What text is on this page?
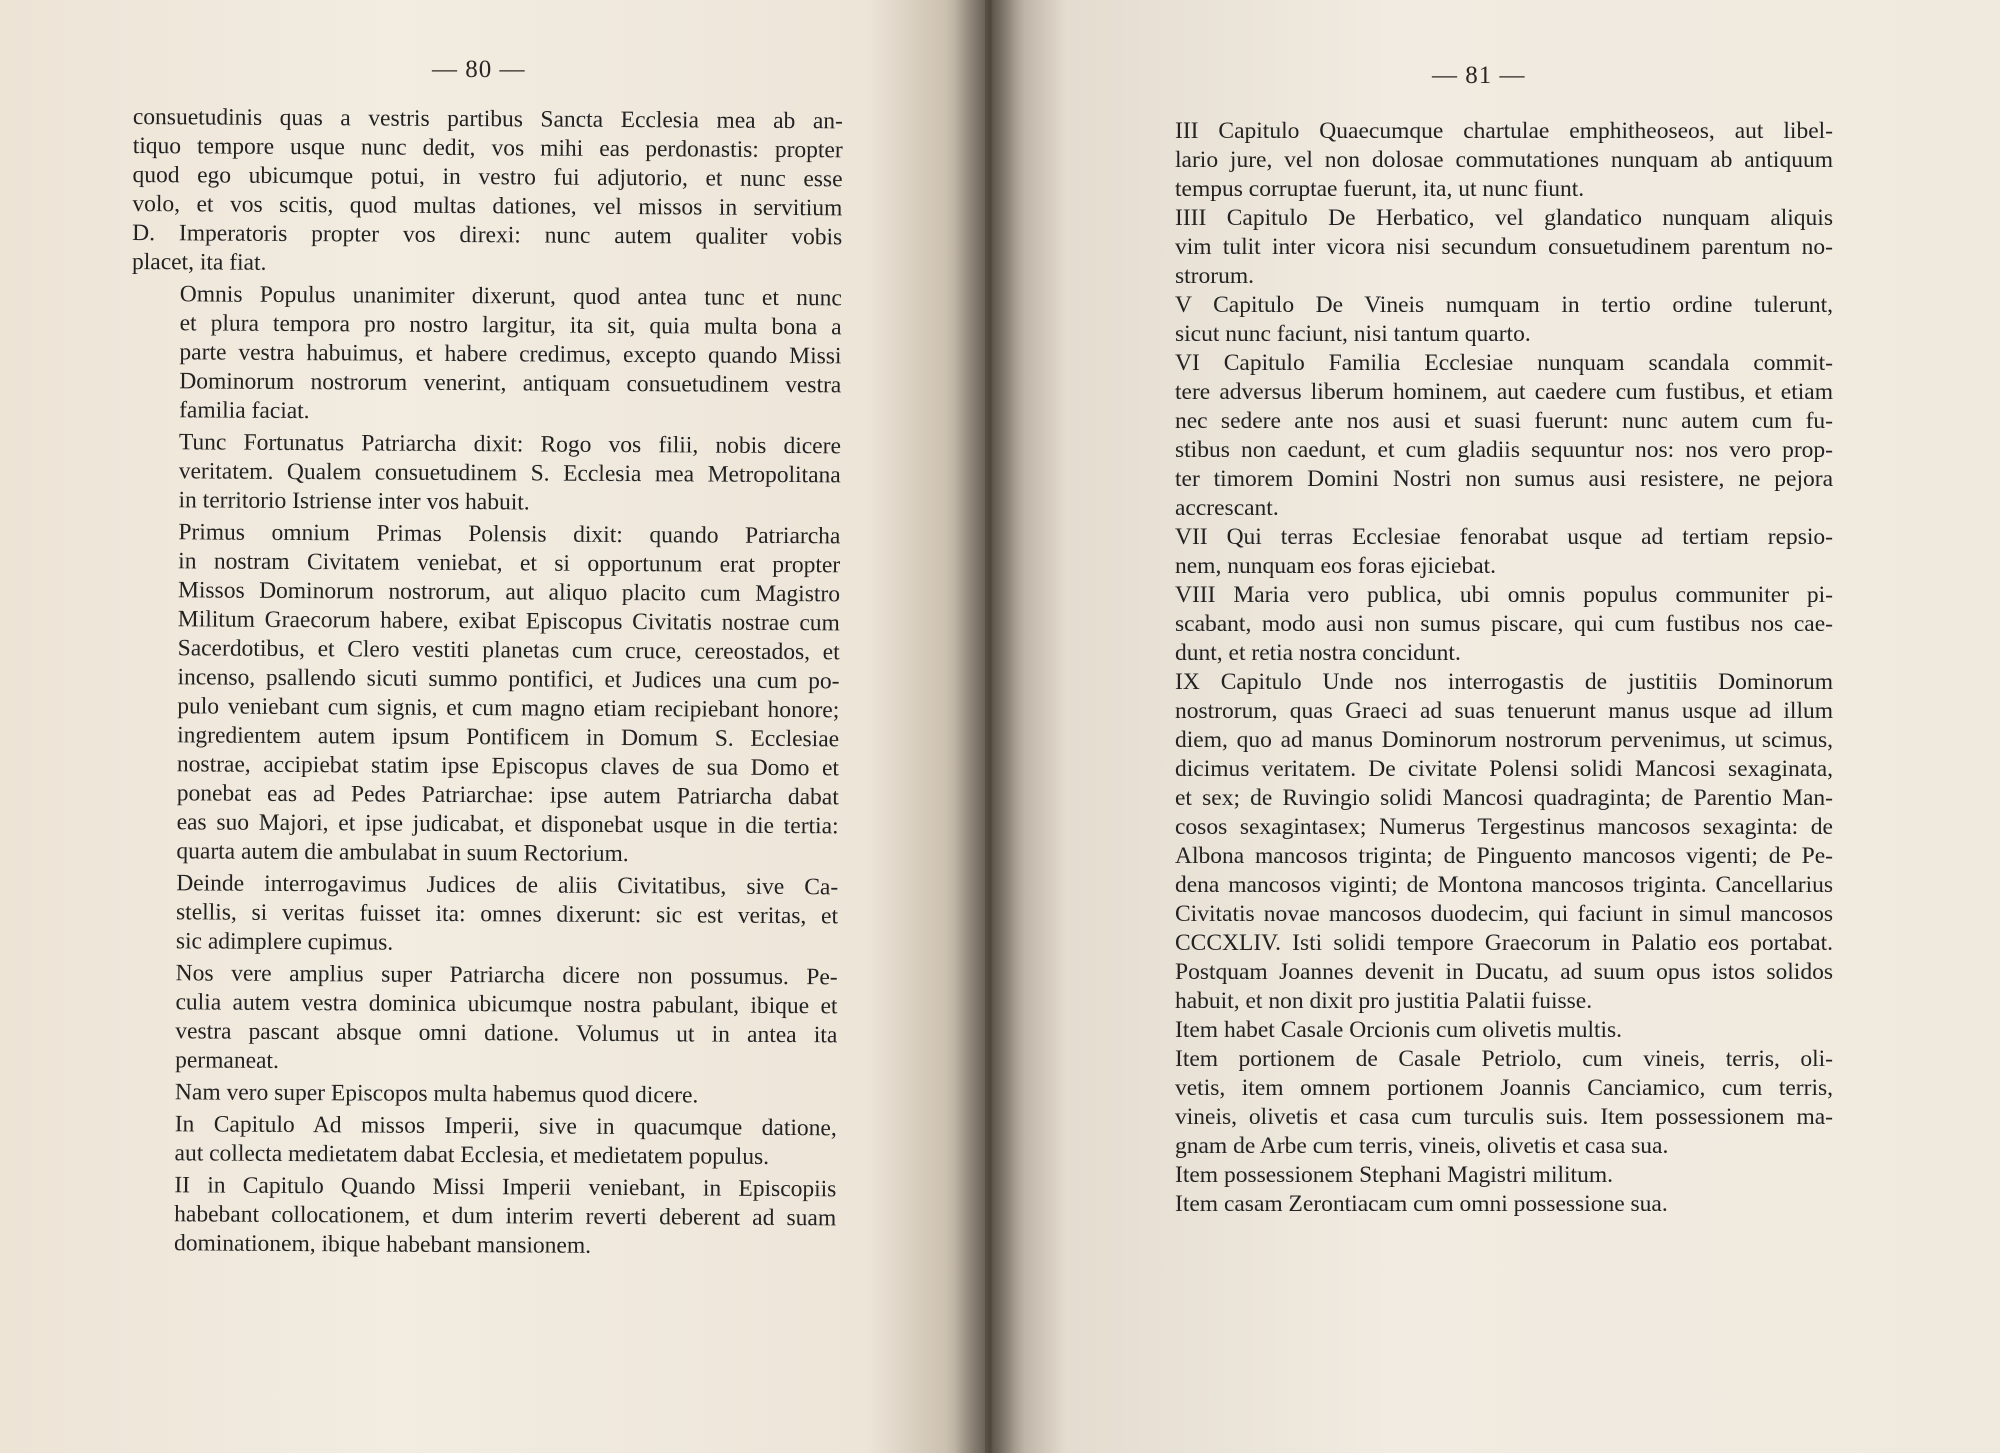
— 80 —
consuetudinis quas a vestris partibus Sancta Ecclesia mea ab an-
tiquo tempore usque nunc dedit, vos mihi eas perdonastis: propter
quod ego ubicumque potui, in vestro fui adjutorio, et nunc esse
volo, et vos scitis, quod multas dationes, vel missos in servitium
D. Imperatoris propter vos direxi: nunc autem qualiter vobis
placet, ita fiat.
Omnis Populus unanimiter dixerunt, quod antea tunc et nunc
et plura tempora pro nostro largitur, ita sit, quia multa bona a
parte vestra habuimus, et habere credimus, excepto quando Missi
Dominorum nostrorum venerint, antiquam consuetudinem vestra
familia faciat.
Tunc Fortunatus Patriarcha dixit: Rogo vos filii, nobis dicere
veritatem. Qualem consuetudinem S. Ecclesia mea Metropolitana
in territorio Istriense inter vos habuit.
Primus omnium Primas Polensis dixit: quando Patriarcha
in nostram Civitatem veniebat, et si opportunum erat propter
Missos Dominorum nostrorum, aut aliquo placito cum Magistro
Militum Graecorum habere, exibat Episcopus Civitatis nostrae cum
Sacerdotibus, et Clero vestiti planetas cum cruce, cereostados, et
incenso, psallendo sicuti summo pontifici, et Judices una cum po-
pulo veniebant cum signis, et cum magno etiam recipiebant honore;
ingredientem autem ipsum Pontificem in Domum S. Ecclesiae
nostrae, accipiebat statim ipse Episcopus claves de sua Domo et
ponebat eas ad Pedes Patriarchae: ipse autem Patriarcha dabat
eas suo Majori, et ipse judicabat, et disponebat usque in die tertia:
quarta autem die ambulabat in suum Rectorium.
Deinde interrogavimus Judices de aliis Civitatibus, sive Ca-
stellis, si veritas fuisset ita: omnes dixerunt: sic est veritas, et
sic adimplere cupimus.
Nos vere amplius super Patriarcha dicere non possumus. Pe-
culia autem vestra dominica ubicumque nostra pabulant, ibique et
vestra pascant absque omni datione. Volumus ut in antea ita
permaneat.
Nam vero super Episcopos multa habemus quod dicere.
In Capitulo Ad missos Imperii, sive in quacumque datione,
aut collecta medietatem dabat Ecclesia, et medietatem populus.
II in Capitulo Quando Missi Imperii veniebant, in Episcopiis
habebant collocationem, et dum interim reverti deberent ad suam
dominationem, ibique habebant mansionem.
— 81 —
III Capitulo Quaecumque chartulae emphitheoseos, aut libel-
lario jure, vel non dolosae commutationes nunquam ab antiquum
tempus corruptae fuerunt, ita, ut nunc fiunt.
IIII Capitulo De Herbatico, vel glandatico nunquam aliquis
vim tulit inter vicora nisi secundum consuetudinem parentum no-
strorum.
V Capitulo De Vineis numquam in tertio ordine tulerunt,
sicut nunc faciunt, nisi tantum quarto.
VI Capitulo Familia Ecclesiae nunquam scandala commit-
tere adversus liberum hominem, aut caedere cum fustibus, et etiam
nec sedere ante nos ausi et suasi fuerunt: nunc autem cum fu-
stibus non caedunt, et cum gladiis sequuntur nos: nos vero prop-
ter timorem Domini Nostri non sumus ausi resistere, ne pejora
accrescant.
VII Qui terras Ecclesiae fenorabat usque ad tertiam repsio-
nem, nunquam eos foras ejiciebat.
VIII Maria vero publica, ubi omnis populus communiter pi-
scabant, modo ausi non sumus piscare, qui cum fustibus nos cae-
dunt, et retia nostra concidunt.
IX Capitulo Unde nos interrogastis de justitiis Dominorum
nostrorum, quas Graeci ad suas tenuerunt manus usque ad illum
diem, quo ad manus Dominorum nostrorum pervenimus, ut scimus,
dicimus veritatem. De civitate Polensi solidi Mancosi sexaginata,
et sex; de Ruvingio solidi Mancosi quadraginta; de Parentio Man-
cosos sexagintasex; Numerus Tergestinus mancosos sexaginta: de
Albona mancosos triginta; de Pinguento mancosos vigenti; de Pe-
dena mancosos viginti; de Montona mancosos triginta. Cancellarius
Civitatis novae mancosos duodecim, qui faciunt in simul mancosos
CCCXLIV. Isti solidi tempore Graecorum in Palatio eos portabat.
Postquam Joannes devenit in Ducatu, ad suum opus istos solidos
habuit, et non dixit pro justitia Palatii fuisse.
Item habet Casale Orcionis cum olivetis multis.
Item portionem de Casale Petriolo, cum vineis, terris, oli-
vetis, item omnem portionem Joannis Canciamico, cum terris,
vineis, olivetis et casa cum turculis suis. Item possessionem ma-
gnam de Arbe cum terris, vineis, olivetis et casa sua.
Item possessionem Stephani Magistri militum.
Item casam Zerontiacam cum omni possessione sua.
